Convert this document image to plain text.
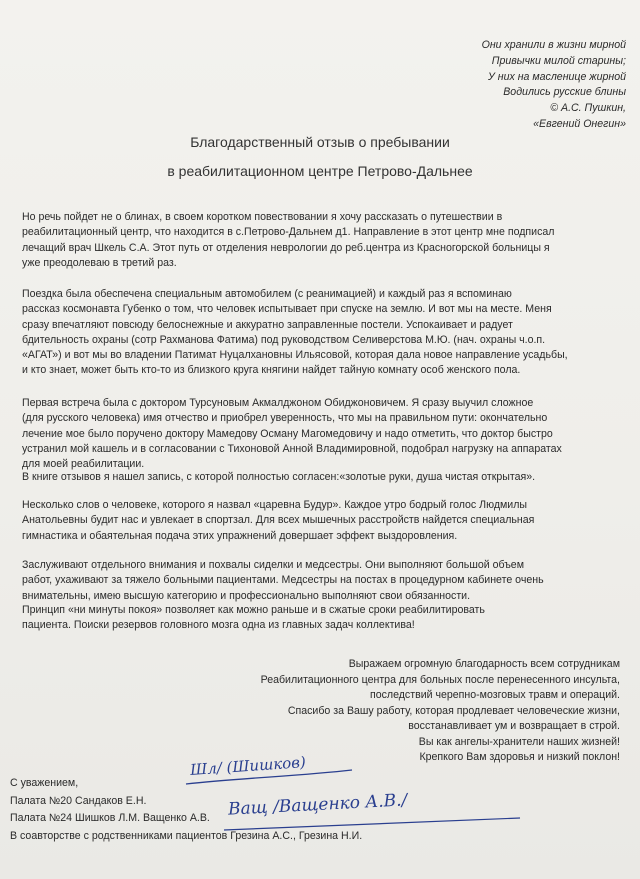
Они хранили в жизни мирной
Привычки милой старины;
У них на масленице жирной
Водились русские блины
© А.С. Пушкин,
«Евгений Онегин»
Благодарственный отзыв о пребывании
в реабилитационном центре Петрово-Дальнее

Но речь пойдет не о блинах, в своем коротком повествовании я хочу рассказать о путешествии в

реабилитационный центр, что находится в с.Петрово-Дальнем д1. Направление в этот центр мне подписал

лечащий врач Шкель С.А. Этот путь от отделения неврологии до реб.центра из Красногорской больницы я

уже преодолеваю в третий раз.

Поездка была обеспечена специальным автомобилем (с реанимацией) и каждый раз я вспоминаю

рассказ космонавта Губенко о том, что человек испытывает при спуске на землю. И вот мы на месте. Меня

сразу впечатляют повсюду белоснежные и аккуратно заправленные постели. Успокаивает и радует

бдительность охраны (сотр Рахманова Фатима) под руководством Селиверстова М.Ю. (нач. охраны ч.о.п.

«АГАТ») и вот мы во владении Патимат Нуцалхановны Ильясовой, которая дала новое направление усадьбы,

и кто знает, может быть кто-то из близкого круга княгини найдет тайную комнату особ женского пола.

Первая встреча была с доктором Турсуновым Акмалджоном Обиджоновичем. Я сразу выучил сложное

(для русского человека) имя отчество и приобрел уверенность, что мы на правильном пути: окончательно

лечение мое было поручено доктору Мамедову Осману Магомедовичу и надо отметить, что доктор быстро

устранил мой кашель и в согласовании с Тихоновой Анной Владимировной, подобрал нагрузку на аппаратах

для моей реабилитации.

В книге отзывов я нашел запись, с которой полностью согласен:«золотые руки, душа чистая открытая».

Несколько слов о человеке, которого я назвал «царевна Будур». Каждое утро бодрый голос Людмилы

Анатольевны будит нас и увлекает в спортзал. Для всех мышечных расстройств найдется специальная

гимнастика и обаятельная подача этих упражнений довершает эффект выздоровления.

Заслуживают отдельного внимания и похвалы сиделки и медсестры. Они выполняют большой объем

работ, ухаживают за тяжело больными пациентами. Медсестры на постах в процедурном кабинете очень

внимательны, имею высшую категорию и профессионально выполняют свои обязанности.

Принцип «ни минуты покоя» позволяет как можно раньше и в сжатые сроки реабилитировать

пациента. Поиски резервов головного мозга одна из главных задач коллектива!

Выражаем огромную благодарность всем сотрудникам
Реабилитационного центра для больных после перенесенного инсульта,
последствий черепно-мозговых травм и операций.
Спасибо за Вашу работу, которая продлевает человеческие жизни,
восстанавливает ум и возвращает в строй.
Вы как ангелы-хранители наших жизней!
Крепкого Вам здоровья и низкий поклон!
С уважением,
Палата №20 Сандаков Е.Н.
Палата №24 Шишков Л.М. Ващенко А.В.
В соавторстве с родственниками пациентов Грезина А.С., Грезина Н.И.
Шл/ (Шишков)
Ващ /Ващенко А.В./
